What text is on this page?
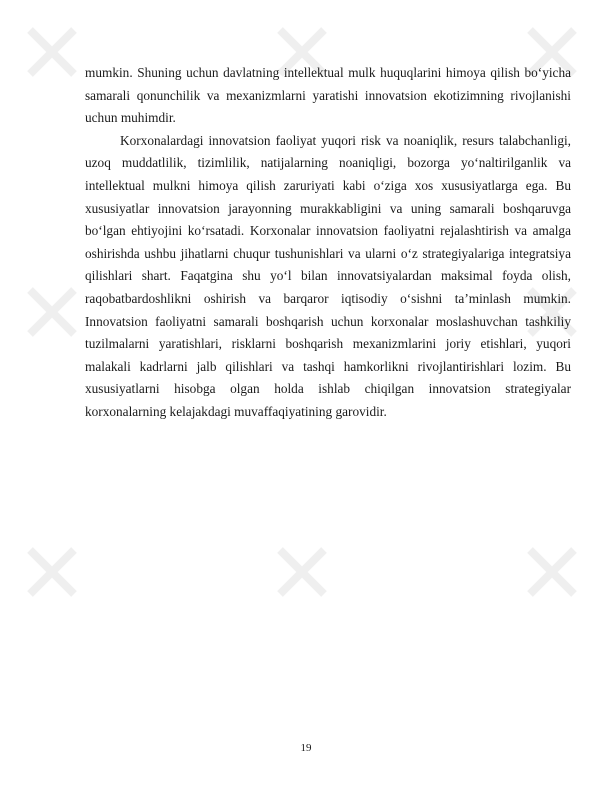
mumkin. Shuning uchun davlatning intellektual mulk huquqlarini himoya qilish bo‘yicha samarali qonunchilik va mexanizmlarni yaratishi innovatsion ekotizimning rivojlanishi uchun muhimdir.

Korxonalardagi innovatsion faoliyat yuqori risk va noaniqlik, resurs talabchanligi, uzoq muddatlilik, tizimlilik, natijalarning noaniqligi, bozorga yo‘naltirilganlik va intellektual mulkni himoya qilish zaruriyati kabi o‘ziga xos xususiyatlarga ega. Bu xususiyatlar innovatsion jarayonning murakkabligini va uning samarali boshqaruvga bo‘lgan ehtiyojini ko‘rsatadi. Korxonalar innovatsion faoliyatni rejalashtirish va amalga oshirishda ushbu jihatlarni chuqur tushunishlari va ularni o‘z strategiyalariga integratsiya qilishlari shart. Faqatgina shu yo‘l bilan innovatsiyalardan maksimal foyda olish, raqobatbardoshlikni oshirish va barqaror iqtisodiy o‘sishni ta’minlash mumkin. Innovatsion faoliyatni samarali boshqarish uchun korxonalar moslashuvchan tashkiliy tuzilmalarni yaratishlari, risklarni boshqarish mexanizmlarini joriy etishlari, yuqori malakali kadrlarni jalb qilishlari va tashqi hamkorlikni rivojlantirishlari lozim. Bu xususiyatlarni hisobga olgan holda ishlab chiqilgan innovatsion strategiyalar korxonalarning kelajakdagi muvaffaqiyatining garovidir.

19
